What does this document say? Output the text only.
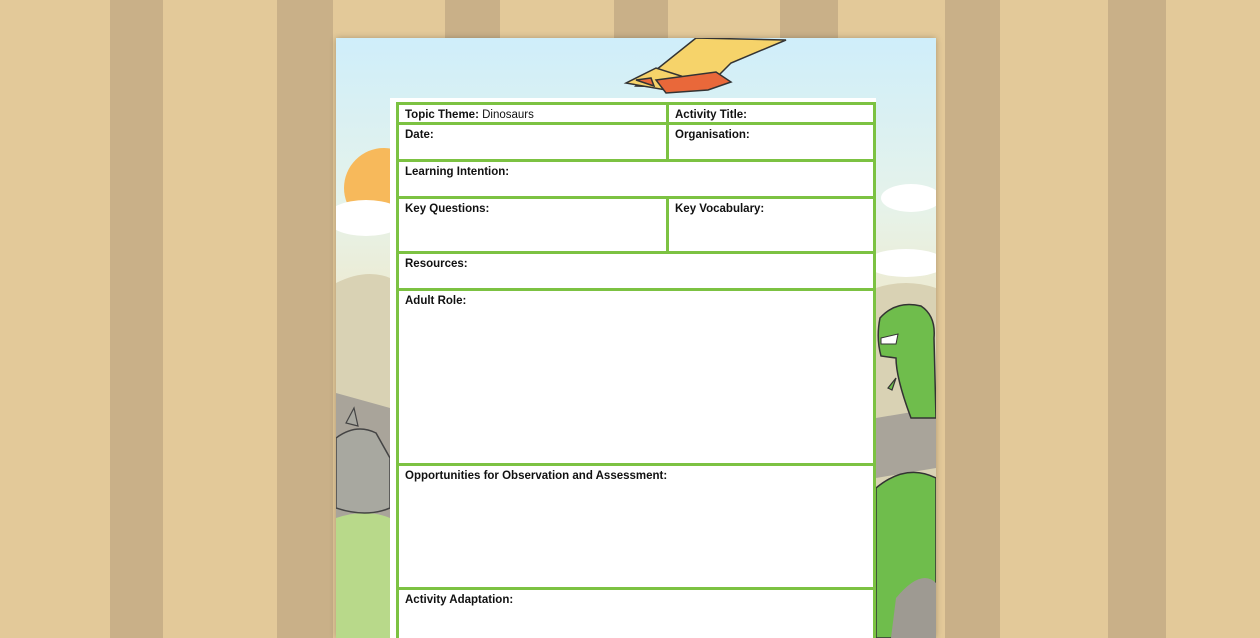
Topic Theme: Dinosaurs	Activity Title:
Date:	Organisation:
Learning Intention:
Key Questions:	Key Vocabulary:
Resources:
Adult Role:
Opportunities for Observation and Assessment:
Activity Adaptation:
